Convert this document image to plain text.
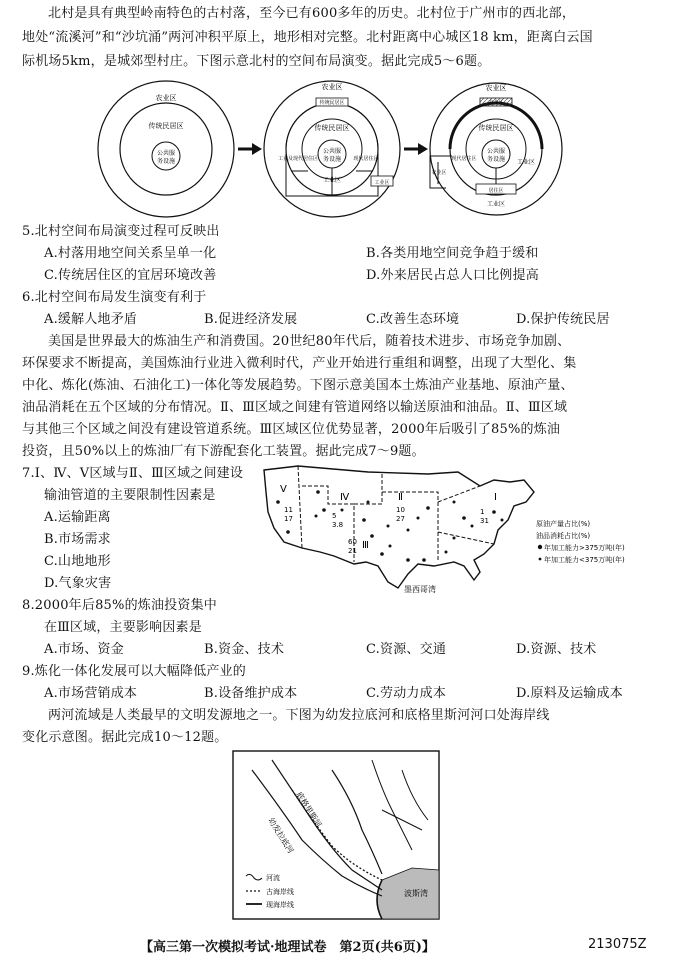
北村是具有典型岭南特色的古村落，至今已有600多年的历史。北村位于广州市的西北部，
地处“流溪河”和“沙坑涌”两河冲积平原上，地形相对完整。北村距离中心城区18 km，距离白云国
际机场5km，是城郊型村庄。下图示意北村的空间布局演变。据此完成5～6题。
农业区
传统民居区
公共服
务设施
农业区
传统民居区
传统民居区
公共服
务设施
工业及现代居住区	现代居住区
工业区	工业区
农业区
农业区
传统民居区
公共服
务设施
现代居住区	工业区
农业区
居住区
工业区
5.北村空间布局演变过程可反映出
A.村落用地空间关系呈单一化	B.各类用地空间竞争趋于缓和
C.传统居住区的宜居环境改善	D.外来居民占总人口比例提高
6.北村空间布局发生演变有利于
A.缓解人地矛盾	B.促进经济发展	C.改善生态环境	D.保护传统民居
美国是世界最大的炼油生产和消费国。20世纪80年代后，随着技术进步、市场竞争加剧、
环保要求不断提高，美国炼油行业进入微利时代，产业开始进行重组和调整，出现了大型化、集
中化、炼化(炼油、石油化工)一体化等发展趋势。下图示意美国本土炼油产业基地、原油产量、
油品消耗在五个区域的分布情况。Ⅱ、Ⅲ区域之间建有管道网络以输送原油和油品。Ⅱ、Ⅲ区域
与其他三个区域之间没有建设管道系统。Ⅲ区域区位优势显著，2000年后吸引了85%的炼油
投资，且50%以上的炼油厂有下游配套化工装置。据此完成7～9题。
7.Ⅰ、Ⅳ、Ⅴ区域与Ⅱ、Ⅲ区域之间建设
输油管道的主要限制性因素是
A.运输距离
B.市场需求
C.山地地形
D.气象灾害
Ⅴ
Ⅳ	Ⅱ	Ⅰ
Ⅲ
11
17	5
3.8
60
21
10
27
1
31
墨西哥湾
原油产量占比(%)
油品消耗占比(%)
年加工能力>375万吨(年)
年加工能力<375万吨(年)
8.2000年后85%的炼油投资集中
在Ⅲ区域，主要影响因素是
A.市场、资金	B.资金、技术	C.资源、交通	D.资源、技术
9.炼化一体化发展可以大幅降低产业的
A.市场营销成本	B.设备维护成本	C.劳动力成本	D.原料及运输成本
两河流域是人类最早的文明发源地之一。下图为幼发拉底河和底格里斯河河口处海岸线
变化示意图。据此完成10～12题。
底格里斯河
幼发拉底河
波斯湾
河流
古海岸线
现海岸线
【高三第一次模拟考试·地理试卷　第2页(共6页)】	213075Z
